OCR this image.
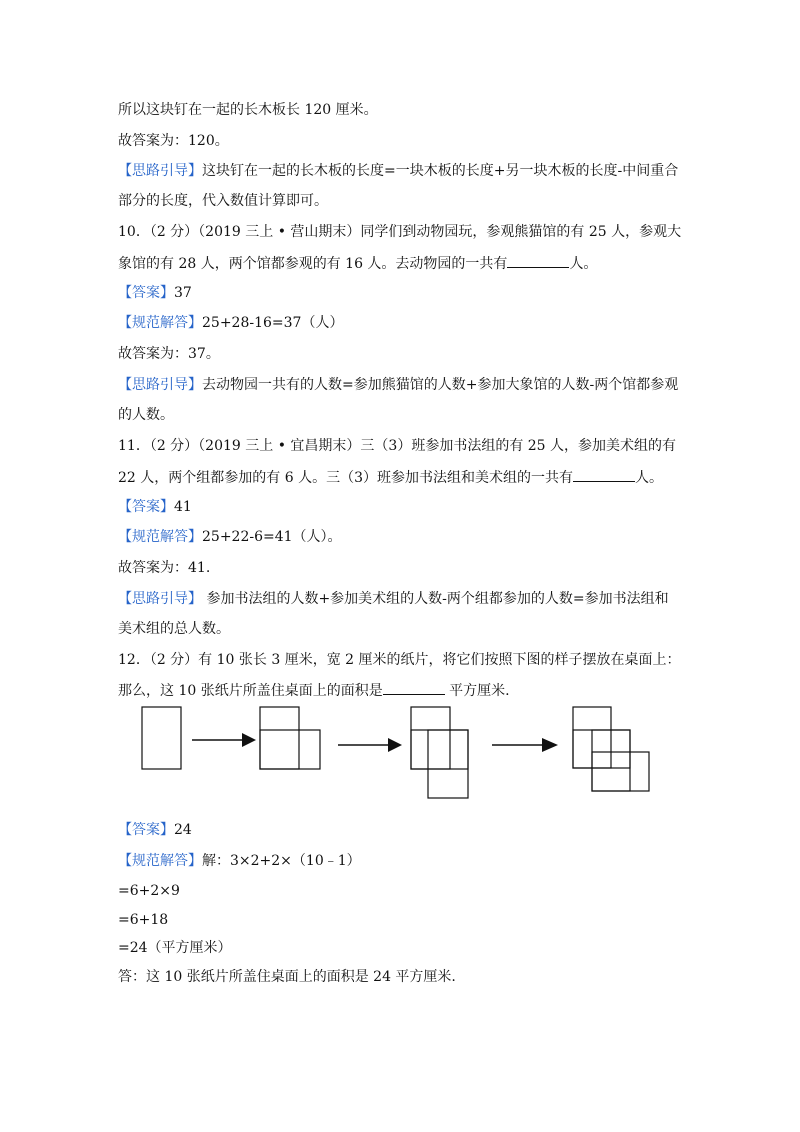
所以这块钉在一起的长木板长 120 厘米。
故答案为：120。
【思路引导】这块钉在一起的长木板的长度=一块木板的长度+另一块木板的长度-中间重合
部分的长度，代入数值计算即可。
10．（2 分）（2019 三上 • 营山期末）同学们到动物园玩，参观熊猫馆的有 25 人，参观大
象馆的有 28 人，两个馆都参观的有 16 人。去动物园的一共有	人。
【答案】37
【规范解答】25+28-16=37（人）
故答案为：37。
【思路引导】去动物园一共有的人数=参加熊猫馆的人数+参加大象馆的人数-两个馆都参观
的人数。
11．（2 分）（2019 三上 • 宜昌期末）三（3）班参加书法组的有 25 人，参加美术组的有
22 人，两个组都参加的有 6 人。三（3）班参加书法组和美术组的一共有	人。
【答案】41
【规范解答】25+22-6=41（人）。
故答案为：41.
【思路引导】 参加书法组的人数+参加美术组的人数-两个组都参加的人数=参加书法组和
美术组的总人数。
12．（2 分）有 10 张长 3 厘米，宽 2 厘米的纸片，将它们按照下图的样子摆放在桌面上：
那么，这 10 张纸片所盖住桌面上的面积是	平方厘米.
【答案】24
【规范解答】解：3×2+2×（10﹣1）
=6+2×9
=6+18
=24（平方厘米）
答：这 10 张纸片所盖住桌面上的面积是 24 平方厘米.
